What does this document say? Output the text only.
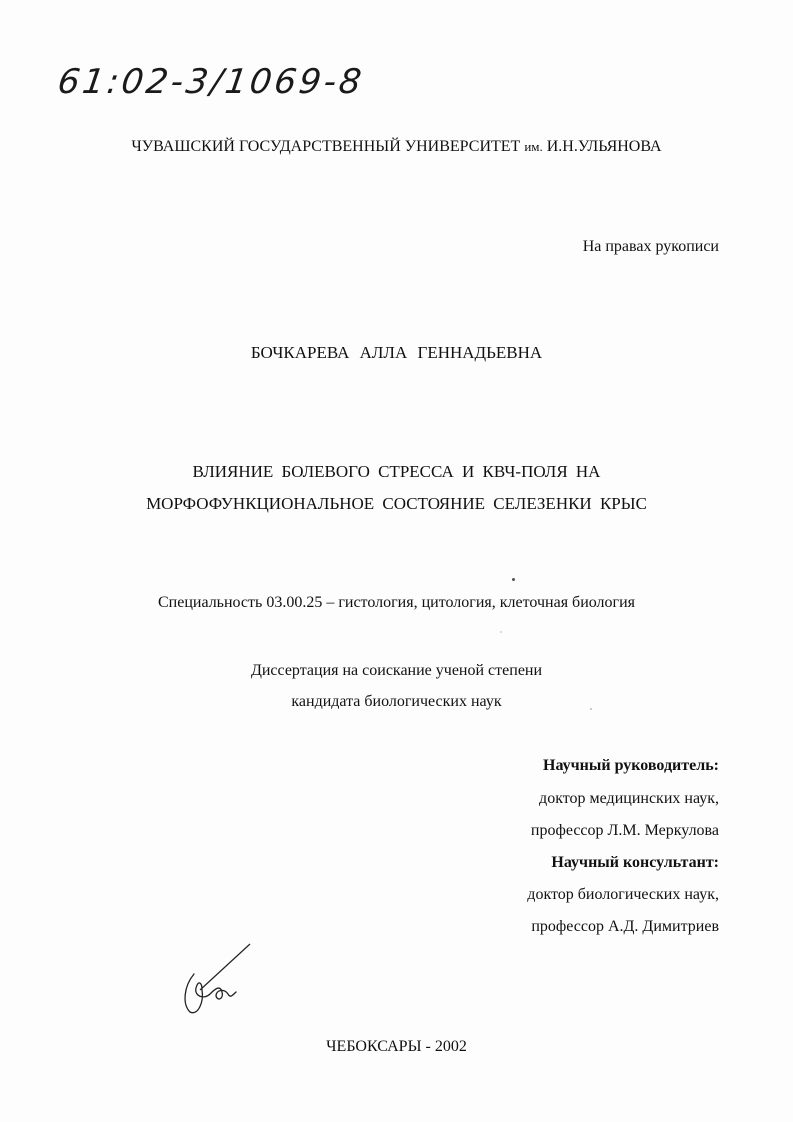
61:02-3/1069-8
ЧУВАШСКИЙ ГОСУДАРСТВЕННЫЙ УНИВЕРСИТЕТ им. И.Н.УЛЬЯНОВА
На правах рукописи
БОЧКАРЕВА АЛЛА ГЕННАДЬЕВНА
ВЛИЯНИЕ БОЛЕВОГО СТРЕССА И КВЧ-ПОЛЯ НА
МОРФОФУНКЦИОНАЛЬНОЕ СОСТОЯНИЕ СЕЛЕЗЕНКИ КРЫС
Специальность 03.00.25 – гистология, цитология, клеточная биология
Диссертация на соискание ученой степени
кандидата биологических наук
Научный руководитель:
доктор медицинских наук,
профессор Л.М. Меркулова
Научный консультант:
доктор биологических наук,
профессор А.Д. Димитриев
ЧЕБОКСАРЫ - 2002
